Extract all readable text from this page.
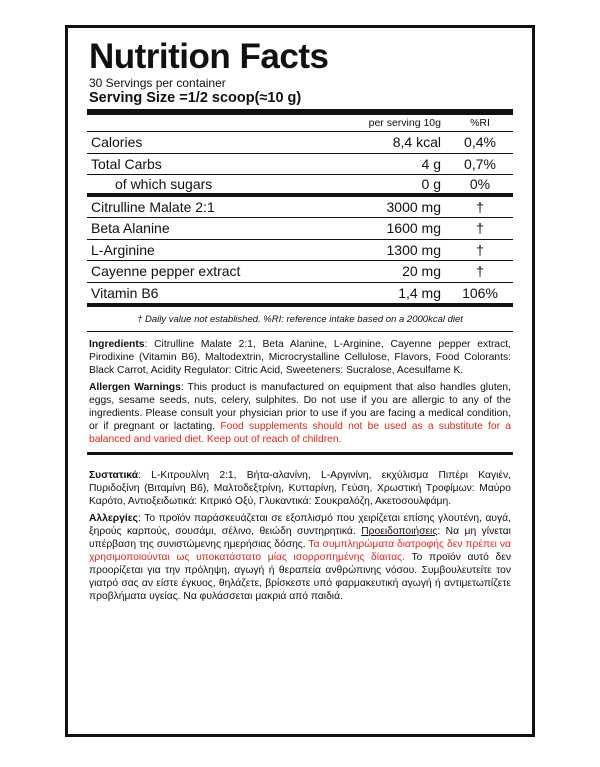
Nutrition Facts
30 Servings per container
Serving Size =1/2 scoop(≈10 g)
per serving 10g	%RI
Calories	8,4 kcal	0,4%
Total Carbs	4 g	0,7%
of which sugars	0 g	0%
Citrulline Malate 2:1	3000 mg	†
Beta Alanine	1600 mg	†
L-Arginine	1300 mg	†
Cayenne pepper extract	20 mg	†
Vitamin B6	1,4 mg	106%
† Daily value not established. %RI: reference intake based on a 2000kcal diet

Ingredients: Citrulline Malate 2:1, Beta Alanine, L-Arginine, Cayenne pepper extract, Pirodixine (Vitamin B6), Maltodextrin, Microcrystalline Cellulose, Flavors, Food Colorants: Black Carrot, Acidity Regulator: Citric Acid, Sweeteners: Sucralose, Acesulfame K.

Allergen Warnings: This product is manufactured on equipment that also handles gluten, eggs, sesame seeds, nuts, celery, sulphites. Do not use if you are allergic to any of the ingredients. Please consult your physician prior to use if you are facing a medical condition, or if pregnant or lactating. Food supplements should not be used as a substitute for a balanced and varied diet. Keep out of reach of children.

Συστατικά: L-Κιτρουλίνη 2:1, Βήτα-αλανίνη, L-Αργινίνη, εκχύλισμα Πιπέρι Καγιέν, Πυριδοξίνη (Βιταμίνη Β6), Μαλτοδεξτρίνη, Κυτταρίνη, Γεύση, Χρωστική Τροφίμων: Μαύρο Καρότο, Αντιοξειδωτικά: Κιτρικό Οξύ, Γλυκαντικά: Σουκραλόζη, Ακετοσουλφάμη.

Αλλεργίες: Το προϊόν παράσκευάζεται σε εξοπλισμό που χειρίζεται επίσης γλουτένη, αυγά, ξηρούς καρπούς, σουσάμι, σέλινο, θειώδη συντηρητικά. Προειδοποιήσεις: Να μη γίνεται υπέρβαση της συνιστώμενης ημερήσιας δόσης. Τα συμπληρώματα διατροφής δεν πρέπει να χρησιμοποιούνται ως υποκατάστατο μίας ισορροπημένης δίαιτας. Το προϊόν αυτό δεν προορίζεται για την πρόληψη, αγωγή ή θεραπεία ανθρώπινης νόσου. Συμβουλευτείτε τον γιατρό σας αν είστε έγκυος, θηλάζετε, βρίσκεστε υπό φαρμακευτική αγωγή ή αντιμετωπίζετε προβλήματα υγείας. Να φυλάσσεται μακριά από παιδιά.
